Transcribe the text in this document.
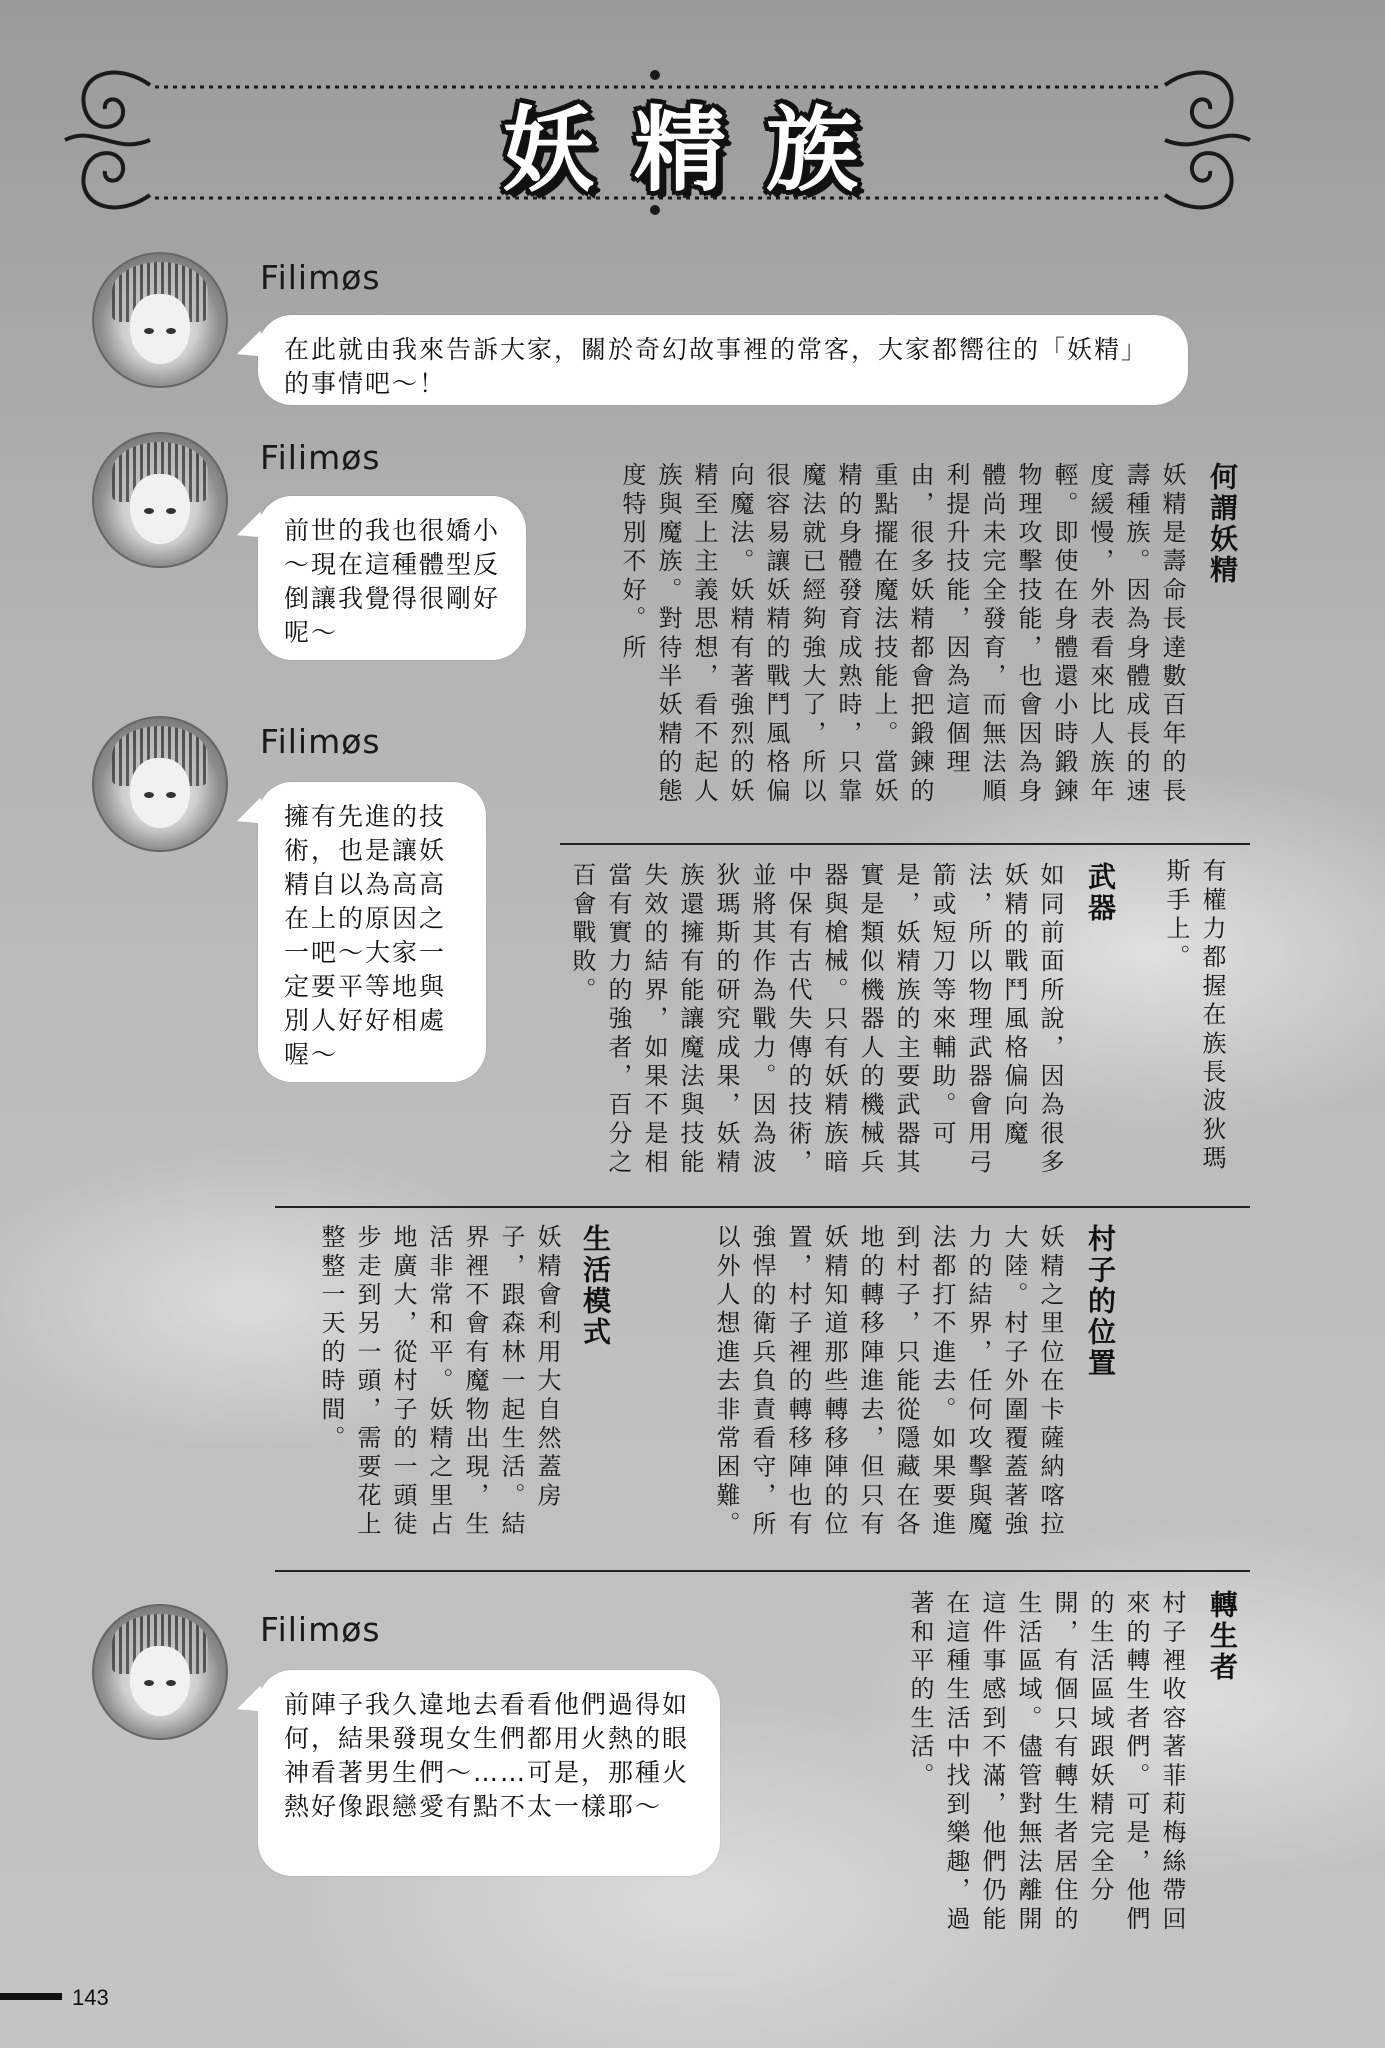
妖精族
Filimøs
在此就由我來告訴大家，關於奇幻故事裡的常客，大家都嚮往的「妖精」的事情吧～！
Filimøs
前世的我也很嬌小～現在這種體型反倒讓我覺得很剛好呢～
Filimøs
擁有先進的技術，也是讓妖精自以為高高在上的原因之一吧～大家一定要平等地與別人好好相處喔～
Filimøs
前陣子我久違地去看看他們過得如何，結果發現女生們都用火熱的眼神看著男生們～……可是，那種火熱好像跟戀愛有點不太一樣耶～
何謂妖精
妖精是壽命長達數百年的長壽種族。因為身體成長的速度緩慢，外表看來比人族年輕。即使在身體還小時鍛鍊物理攻擊技能，也會因為身體尚未完全發育，而無法順利提升技能，因為這個理由，很多妖精都會把鍛鍊的重點擺在魔法技能上。當妖精的身體發育成熟時，只靠魔法就已經夠強大了，所以很容易讓妖精的戰鬥風格偏向魔法。妖精有著強烈的妖精至上主義思想，看不起人族與魔族。對待半妖精的態度特別不好。所
有權力都握在族長波狄瑪斯手上。
武器
如同前面所說，因為很多妖精的戰鬥風格偏向魔法，所以物理武器會用弓箭或短刀等來輔助。可是，妖精族的主要武器其實是類似機器人的機械兵器與槍械。只有妖精族暗中保有古代失傳的技術，並將其作為戰力。因為波狄瑪斯的研究成果，妖精族還擁有能讓魔法與技能失效的結界，如果不是相當有實力的強者，百分之百會戰敗。
村子的位置
妖精之里位在卡薩納喀拉大陸。村子外圍覆蓋著強力的結界，任何攻擊與魔法都打不進去。如果要進到村子，只能從隱藏在各地的轉移陣進去，但只有妖精知道那些轉移陣的位置，村子裡的轉移陣也有強悍的衛兵負責看守，所以外人想進去非常困難。
生活模式
妖精會利用大自然蓋房子，跟森林一起生活。結界裡不會有魔物出現，生活非常和平。妖精之里占地廣大，從村子的一頭徒步走到另一頭，需要花上整整一天的時間。
轉生者
村子裡收容著菲莉梅絲帶回來的轉生者們。可是，他們的生活區域跟妖精完全分開，有個只有轉生者居住的生活區域。儘管對無法離開這件事感到不滿，他們仍能在這種生活中找到樂趣，過著和平的生活。
143
